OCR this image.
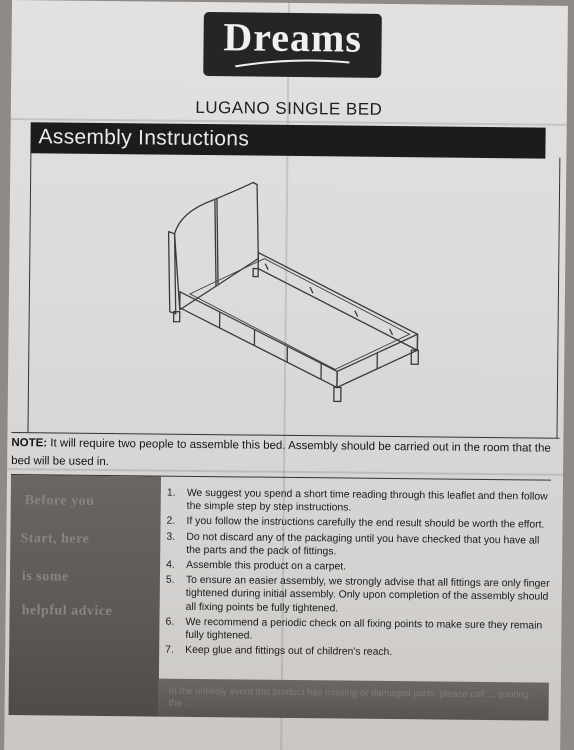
Dreams
LUGANO SINGLE BED
Assembly Instructions
NOTE: It will require two people to assemble this bed. Assembly should be carried out in the room that the bed will be used in.
Before you
Start, here
is some
helpful advice
1.	We suggest you spend a short time reading through this leaflet and then follow the simple step by step instructions.
2.	If you follow the instructions carefully the end result should be worth the effort.
3.	Do not discard any of the packaging until you have checked that you have all the parts and the pack of fittings.
4.	Assemble this product on a carpet.
5.	To ensure an easier assembly, we strongly advise that all fittings are only finger tightened during initial assembly. Only upon completion of the assembly should all fixing points be fully tightened.
6.	We recommend a periodic check on all fixing points to make sure they remain fully tightened.
7.	Keep glue and fittings out of children's reach.
In the unlikely event this product has missing or damaged parts, please call ... quoting the ...
